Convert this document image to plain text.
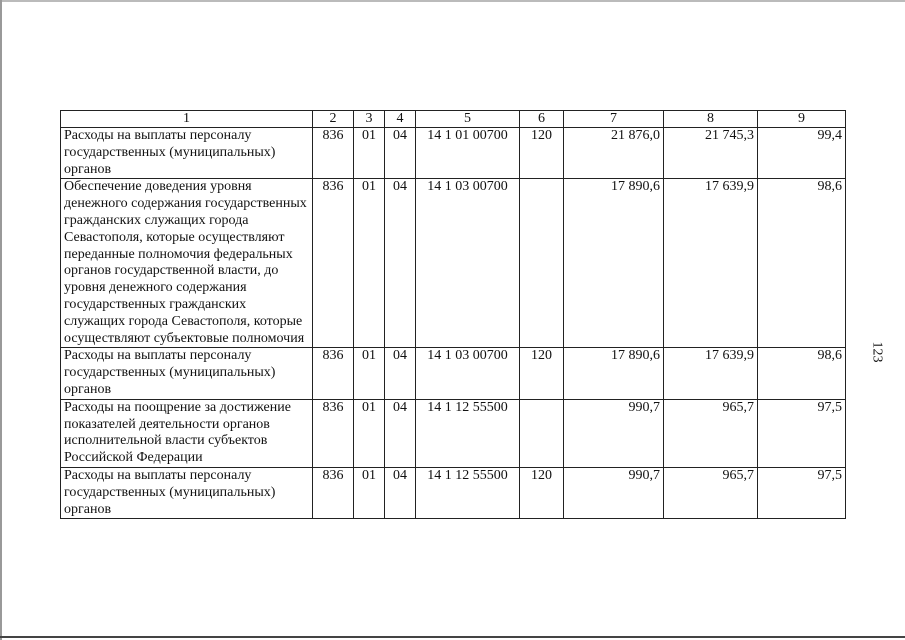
1	2	3	4	5	6	7	8	9
Расходы на выплаты персоналу государственных (муниципальных) органов	836	01	04	14 1 01 00700	120	21 876,0	21 745,3	99,4
Обеспечение доведения уровня денежного содержания государственных гражданских служащих города Севастополя, которые осуществляют переданные полномочия федеральных органов государственной власти, до уровня денежного содержания государственных гражданских служащих города Севастополя, которые осуществляют субъектовые полномочия	836	01	04	14 1 03 00700		17 890,6	17 639,9	98,6
Расходы на выплаты персоналу государственных (муниципальных) органов	836	01	04	14 1 03 00700	120	17 890,6	17 639,9	98,6
Расходы на поощрение за достижение показателей деятельности органов исполнительной власти субъектов Российской Федерации	836	01	04	14 1 12 55500		990,7	965,7	97,5
Расходы на выплаты персоналу государственных (муниципальных) органов	836	01	04	14 1 12 55500	120	990,7	965,7	97,5
123
